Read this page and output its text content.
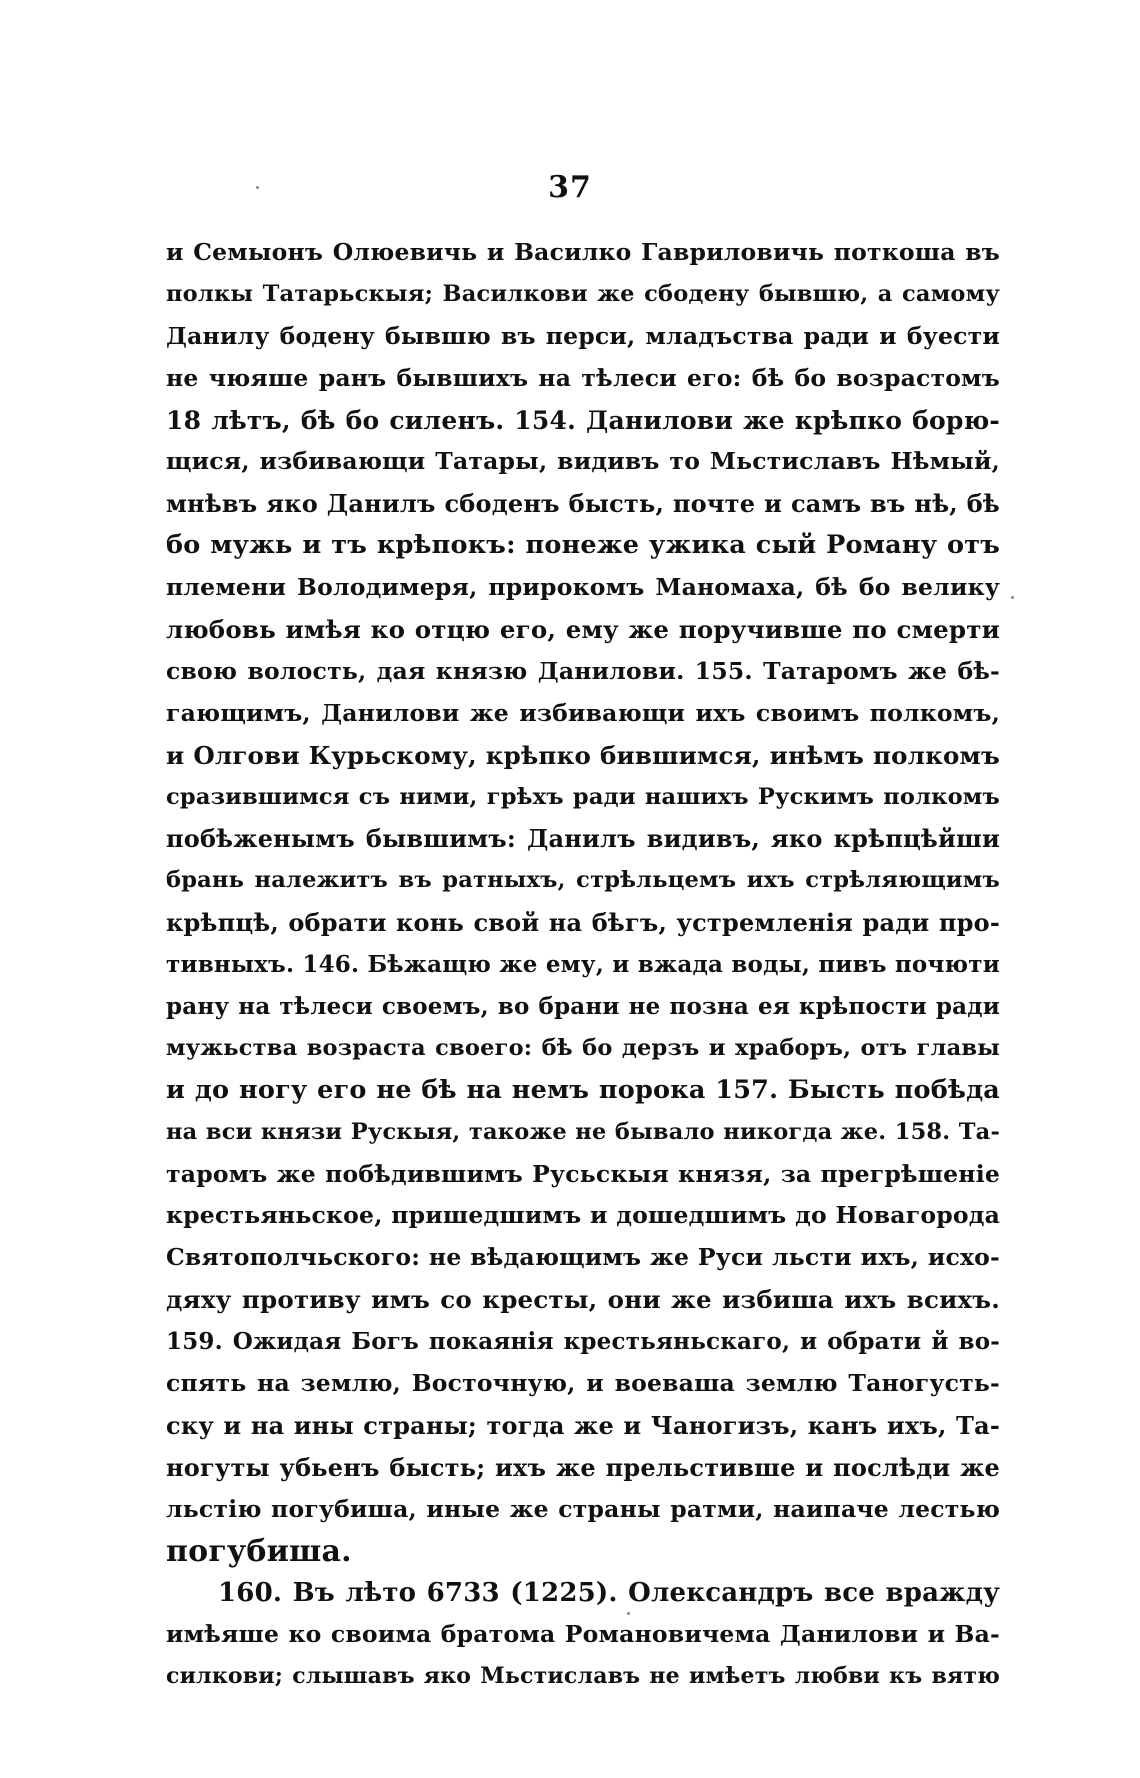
37
и Семыонъ Олюевичь и Василко Гавриловичь поткоша въ
полкы Татарьскыя; Василкови же сбодену бывшю, а самому
Данилу бодену бывшю въ перси, младъства ради и буести
не чюяше ранъ бывшихъ на тѣлеси его: бѣ бо возрастомъ
18 лѣтъ, бѣ бо силенъ. 154. Данилови же крѣпко борю-
щися, избивающи Татары, видивъ то Мьстиславъ Нѣмый,
мнѣвъ яко Данилъ сбоденъ бысть, почте и самъ въ нѣ, бѣ
бо мужь и тъ крѣпокъ: понеже ужика сый Роману отъ
племени Володимеря, прирокомъ Маномаха, бѣ бо велику
любовь имѣя ко отцю его, ему же поручивше по смерти
свою волость, дая князю Данилови. 155. Татаромъ же бѣ-
гающимъ, Данилови же избивающи ихъ своимъ полкомъ,
и Олгови Курьскому, крѣпко бившимся, инѣмъ полкомъ
сразившимся съ ними, грѣхъ ради нашихъ Рускимъ полкомъ
побѣженымъ бывшимъ: Данилъ видивъ, яко крѣпцѣйши
брань належитъ въ ратныхъ, стрѣльцемъ ихъ стрѣляющимъ
крѣпцѣ, обрати конь свой на бѣгъ, устремленія ради про-
тивныхъ. 146. Бѣжащю же ему, и вжада воды, пивъ почюти
рану на тѣлеси своемъ, во брани не позна ея крѣпости ради
мужьства возраста своего: бѣ бо дерзъ и храборъ, отъ главы
и до ногу его не бѣ на немъ порока 157. Бысть побѣда
на вси князи Рускыя, такоже не бывало никогда же. 158. Та-
таромъ же побѣдившимъ Русьскыя князя, за прегрѣшеніе
крестьяньское, пришедшимъ и дошедшимъ до Новагорода
Святополчьского: не вѣдающимъ же Руси льсти ихъ, исхо-
дяху противу имъ со кресты, они же избиша ихъ всихъ.
159. Ожидая Богъ покаянія крестьяньскаго, и обрати й во-
спять на землю, Восточную, и воеваша землю Таногусть-
ску и на ины страны; тогда же и Чаногизъ, канъ ихъ, Та-
ногуты убьенъ бысть; ихъ же прельстивше и послѣди же
льстію погубиша, иные же страны ратми, наипаче лестью
погубиша.
160. Въ лѣто 6733 (1225). Олександръ все вражду
имѣяше ко своима братома Романовичема Данилови и Ва-
силкови; слышавъ яко Мьстиславъ не имѣетъ любви къ вятю
